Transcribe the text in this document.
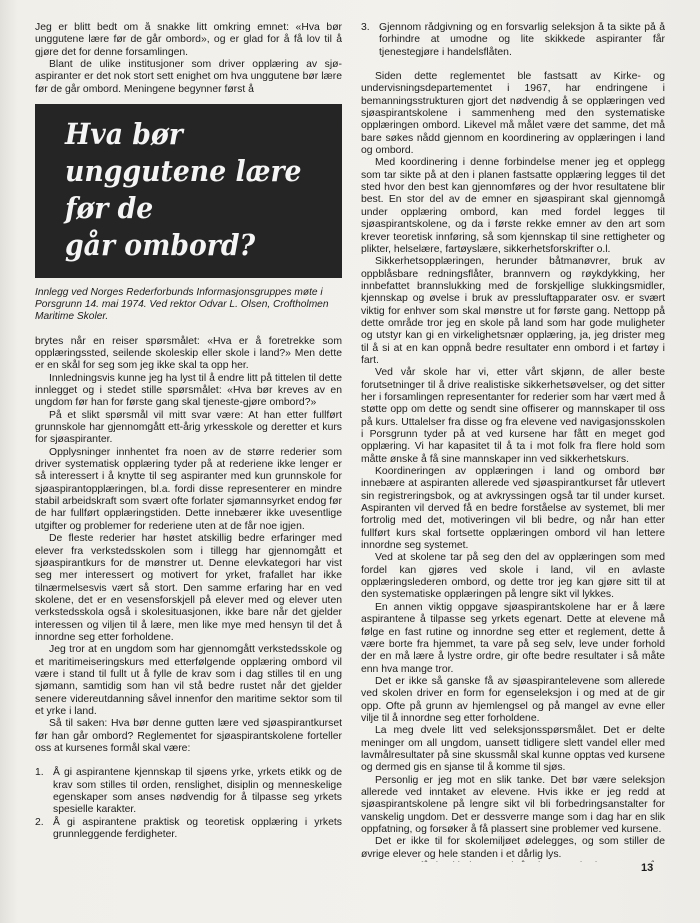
Jeg er blitt bedt om å snakke litt omkring emnet: «Hva bør unggutene lære før de går ombord», og er glad for å få lov til å gjøre det for denne forsamlingen.

Blant de ulike institusjoner som driver opplæring av sjø-aspiranter er det nok stort sett enighet om hva unggutene bør lære før de går ombord. Meningene begynner først å

Hva bør
unggutene lære
før de
går ombord?

Innlegg ved Norges Rederforbunds Informasjonsgruppes møte i Porsgrunn 14. mai 1974. Ved rektor Odvar L. Olsen, Croftholmen Maritime Skoler.

brytes når en reiser spørsmålet: «Hva er å foretrekke som opplæringssted, seilende skoleskip eller skole i land?» Men dette er en skål for seg som jeg ikke skal ta opp her.

Innledningsvis kunne jeg ha lyst til å endre litt på tittelen til dette innlegget og i stedet stille spørsmålet: «Hva bør kreves av en ungdom før han for første gang skal tjeneste-gjøre ombord?»

På et slikt spørsmål vil mitt svar være: At han etter fullført grunnskole har gjennomgått ett-årig yrkesskole og deretter et kurs for sjøaspiranter.

Opplysninger innhentet fra noen av de større rederier som driver systematisk opplæring tyder på at rederiene ikke lenger er så interessert i å knytte til seg aspiranter med kun grunnskole for sjøaspirantopplæringen, bl.a. fordi disse representerer en mindre stabil arbeidskraft som svært ofte forlater sjømannsyrket endog før de har fullført opplæringstiden. Dette innebærer ikke uvesentlige utgifter og problemer for rederiene uten at de får noe igjen.

De fleste rederier har høstet atskillig bedre erfaringer med elever fra verkstedsskolen som i tillegg har gjennomgått et sjøaspirantkurs for de mønstrer ut. Denne elevkategori har vist seg mer interessert og motivert for yrket, frafallet har ikke tilnærmelsesvis vært så stort. Den samme erfaring har en ved skolene, det er en vesensforskjell på elever med og elever uten verkstedsskola også i skolesituasjonen, ikke bare når det gjelder interessen og viljen til å lære, men like mye med hensyn til det å innordne seg etter forholdene.

Jeg tror at en ungdom som har gjennomgått verkstedsskole og et maritimeiseringskurs med etterfølgende opplæring ombord vil være i stand til fullt ut å fylle de krav som i dag stilles til en ung sjømann, samtidig som han vil stå bedre rustet når det gjelder senere videreutdanning såvel innenfor den maritime sektor som til et yrke i land.

Så til saken: Hva bør denne gutten lære ved sjøaspirantkurset før han går ombord? Reglementet for sjøaspirantskolene forteller oss at kursenes formål skal være:

1. Å gi aspirantene kjennskap til sjøens yrke, yrkets etikk og de krav som stilles til orden, renslighet, disiplin og menneskelige egenskaper som anses nødvendig for å tilpasse seg yrkets spesielle karakter.
2. Å gi aspirantene praktisk og teoretisk opplæring i yrkets grunnleggende ferdigheter.
3. Gjennom rådgivning og en forsvarlig seleksjon å ta sikte på å forhindre at umodne og lite skikkede aspiranter får tjenestegjøre i handelsflåten.

Siden dette reglementet ble fastsatt av Kirke- og undervisningsdepartementet i 1967, har endringene i bemanningsstrukturen gjort det nødvendig å se opplæringen ved sjøaspirantskolene i sammenheng med den systematiske opplæringen ombord. Likevel må målet være det samme, det må bare søkes nådd gjennom en koordinering av opplæringen i land og ombord.

Med koordinering i denne forbindelse mener jeg et opplegg som tar sikte på at den i planen fastsatte opplæring legges til det sted hvor den best kan gjennomføres og der hvor resultatene blir best. En stor del av de emner en sjøaspirant skal gjennomgå under opplæring ombord, kan med fordel legges til sjøaspirantskolene, og da i første rekke emner av den art som krever teoretisk innføring, så som kjennskap til sine rettigheter og plikter, helselære, fartøyslære, sikkerhetsforskrifter o.l.

Sikkerhetsopplæringen, herunder båtmanøvrer, bruk av oppblåsbare redningsflåter, brannvern og røykdykking, her innbefattet brannslukking med de forskjellige slukkingsmidler, kjennskap og øvelse i bruk av pressluftapparater osv. er svært viktig for enhver som skal mønstre ut for første gang. Nettopp på dette område tror jeg en skole på land som har gode muligheter og utstyr kan gi en virkelighetsnær opplæring, ja, jeg drister meg til å si at en kan oppnå bedre resultater enn ombord i et fartøy i fart.

Ved vår skole har vi, etter vårt skjønn, de aller beste forutsetninger til å drive realistiske sikkerhetsøvelser, og det sitter her i forsamlingen representanter for rederier som har vært med å støtte opp om dette og sendt sine offiserer og mannskaper til oss på kurs. Uttalelser fra disse og fra elevene ved navigasjonsskolen i Porsgrunn tyder på at ved kursene har fått en meget god opplæring. Vi har kapasitet til å ta i mot folk fra flere hold som måtte ønske å få sine mannskaper inn ved sikkerhetskurs.

Koordineringen av opplæringen i land og ombord bør innebære at aspiranten allerede ved sjøaspirantkurset får utlevert sin registreringsbok, og at avkryssingen også tar til under kurset. Aspiranten vil derved få en bedre forståelse av systemet, bli mer fortrolig med det, motiveringen vil bli bedre, og når han etter fullført kurs skal fortsette opplæringen ombord vil han lettere innordne seg systemet.

Ved at skolene tar på seg den del av opplæringen som med fordel kan gjøres ved skole i land, vil en avlaste opplæringslederen ombord, og dette tror jeg kan gjøre sitt til at den systematiske opplæringen på lengre sikt vil lykkes.

En annen viktig oppgave sjøaspirantskolene har er å lære aspirantene å tilpasse seg yrkets egenart. Dette at elevene må følge en fast rutine og innordne seg etter et reglement, dette å være borte fra hjemmet, ta vare på seg selv, leve under forhold der en må lære å lystre ordre, gir ofte bedre resultater i så måte enn hva mange tror.

Det er ikke så ganske få av sjøaspirantelevene som allerede ved skolen driver en form for egenseleksjon i og med at de gir opp. Ofte på grunn av hjemlengsel og på mangel av evne eller vilje til å innordne seg etter forholdene.

La meg dvele litt ved seleksjonsspørsmålet. Det er delte meninger om all ungdom, uansett tidligere slett vandel eller med lavmålresultater på sine skussmål skal kunne opptas ved kursene og dermed gis en sjanse til å komme til sjøs.

Personlig er jeg mot en slik tanke. Det bør være seleksjon allerede ved inntaket av elevene. Hvis ikke er jeg redd at sjøaspirantskolene på lengre sikt vil bli forbedringsanstalter for vanskelig ungdom. Det er dessverre mange som i dag har en slik oppfatning, og forsøker å få plassert sine problemer ved kursene.

Det er ikke til for skolemiljøet ødelegges, og som stiller de øvrige elever og hele standen i et dårlig lys.

13
